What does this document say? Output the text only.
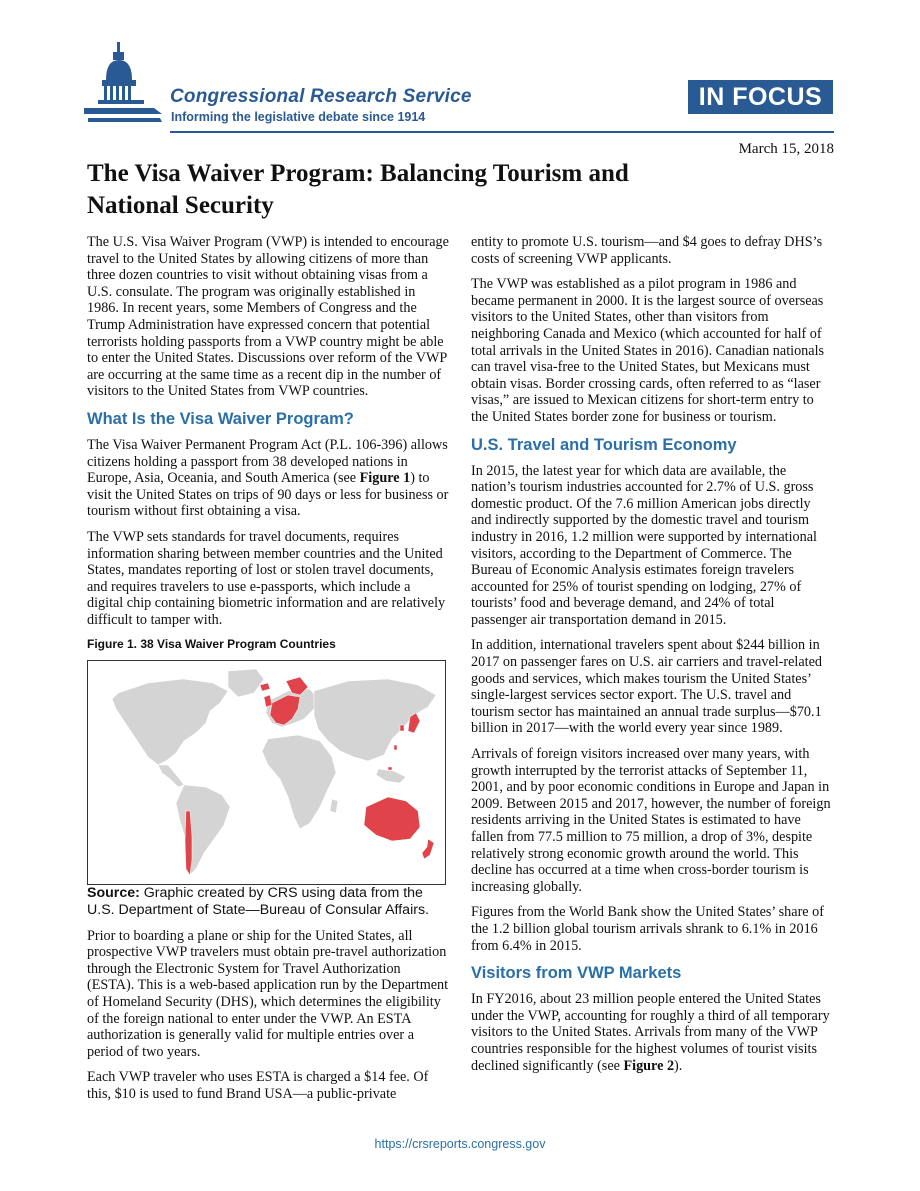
Congressional Research Service
Informing the legislative debate since 1914
IN FOCUS
March 15, 2018
The Visa Waiver Program: Balancing Tourism and National Security

The U.S. Visa Waiver Program (VWP) is intended to encourage travel to the United States by allowing citizens of more than three dozen countries to visit without obtaining visas from a U.S. consulate. The program was originally established in 1986. In recent years, some Members of Congress and the Trump Administration have expressed concern that potential terrorists holding passports from a VWP country might be able to enter the United States. Discussions over reform of the VWP are occurring at the same time as a recent dip in the number of visitors to the United States from VWP countries.

What Is the Visa Waiver Program?

The Visa Waiver Permanent Program Act (P.L. 106-396) allows citizens holding a passport from 38 developed nations in Europe, Asia, Oceania, and South America (see Figure 1) to visit the United States on trips of 90 days or less for business or tourism without first obtaining a visa.

The VWP sets standards for travel documents, requires information sharing between member countries and the United States, mandates reporting of lost or stolen travel documents, and requires travelers to use e-passports, which include a digital chip containing biometric information and are relatively difficult to tamper with.

Figure 1. 38 Visa Waiver Program Countries

Source: Graphic created by CRS using data from the U.S. Department of State—Bureau of Consular Affairs.

Prior to boarding a plane or ship for the United States, all prospective VWP travelers must obtain pre-travel authorization through the Electronic System for Travel Authorization (ESTA). This is a web-based application run by the Department of Homeland Security (DHS), which determines the eligibility of the foreign national to enter under the VWP. An ESTA authorization is generally valid for multiple entries over a period of two years.

Each VWP traveler who uses ESTA is charged a $14 fee. Of this, $10 is used to fund Brand USA—a public-private

entity to promote U.S. tourism—and $4 goes to defray DHS’s costs of screening VWP applicants.

The VWP was established as a pilot program in 1986 and became permanent in 2000. It is the largest source of overseas visitors to the United States, other than visitors from neighboring Canada and Mexico (which accounted for half of total arrivals in the United States in 2016). Canadian nationals can travel visa-free to the United States, but Mexicans must obtain visas. Border crossing cards, often referred to as “laser visas,” are issued to Mexican citizens for short-term entry to the United States border zone for business or tourism.

U.S. Travel and Tourism Economy

In 2015, the latest year for which data are available, the nation’s tourism industries accounted for 2.7% of U.S. gross domestic product. Of the 7.6 million American jobs directly and indirectly supported by the domestic travel and tourism industry in 2016, 1.2 million were supported by international visitors, according to the Department of Commerce. The Bureau of Economic Analysis estimates foreign travelers accounted for 25% of tourist spending on lodging, 27% of tourists’ food and beverage demand, and 24% of total passenger air transportation demand in 2015.

In addition, international travelers spent about $244 billion in 2017 on passenger fares on U.S. air carriers and travel-related goods and services, which makes tourism the United States’ single-largest services sector export. The U.S. travel and tourism sector has maintained an annual trade surplus—$70.1 billion in 2017—with the world every year since 1989.

Arrivals of foreign visitors increased over many years, with growth interrupted by the terrorist attacks of September 11, 2001, and by poor economic conditions in Europe and Japan in 2009. Between 2015 and 2017, however, the number of foreign residents arriving in the United States is estimated to have fallen from 77.5 million to 75 million, a drop of 3%, despite relatively strong economic growth around the world. This decline has occurred at a time when cross-border tourism is increasing globally.

Figures from the World Bank show the United States’ share of the 1.2 billion global tourism arrivals shrank to 6.1% in 2016 from 6.4% in 2015.

Visitors from VWP Markets

In FY2016, about 23 million people entered the United States under the VWP, accounting for roughly a third of all temporary visitors to the United States. Arrivals from many of the VWP countries responsible for the highest volumes of tourist visits declined significantly (see Figure 2).

https://crsreports.congress.gov
